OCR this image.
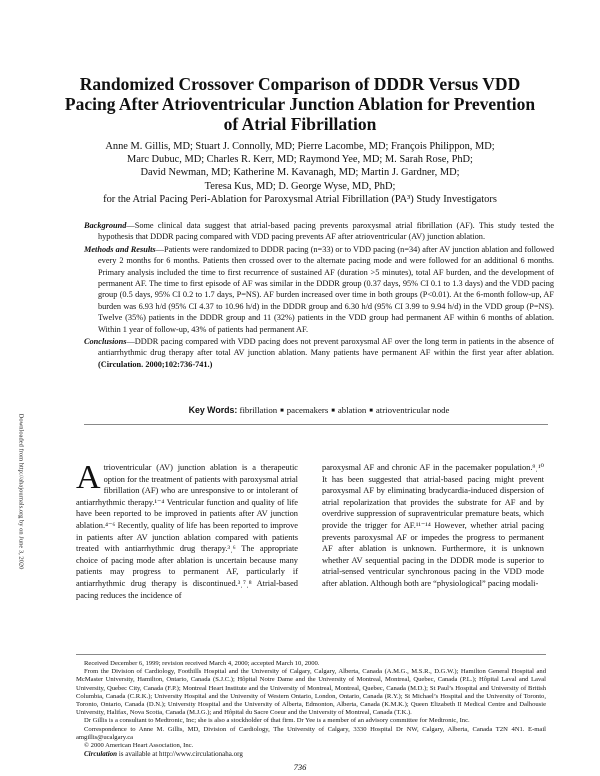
Randomized Crossover Comparison of DDDR Versus VDD Pacing After Atrioventricular Junction Ablation for Prevention of Atrial Fibrillation
Anne M. Gillis, MD; Stuart J. Connolly, MD; Pierre Lacombe, MD; François Philippon, MD;
Marc Dubuc, MD; Charles R. Kerr, MD; Raymond Yee, MD; M. Sarah Rose, PhD;
David Newman, MD; Katherine M. Kavanagh, MD; Martin J. Gardner, MD;
Teresa Kus, MD; D. George Wyse, MD, PhD;
for the Atrial Pacing Peri-Ablation for Paroxysmal Atrial Fibrillation (PA³) Study Investigators

Background—Some clinical data suggest that atrial-based pacing prevents paroxysmal atrial fibrillation (AF). This study tested the hypothesis that DDDR pacing compared with VDD pacing prevents AF after atrioventricular (AV) junction ablation.

Methods and Results—Patients were randomized to DDDR pacing (n=33) or to VDD pacing (n=34) after AV junction ablation and followed every 2 months for 6 months. Patients then crossed over to the alternate pacing mode and were followed for an additional 6 months. Primary analysis included the time to first recurrence of sustained AF (duration >5 minutes), total AF burden, and the development of permanent AF. The time to first episode of AF was similar in the DDDR group (0.37 days, 95% CI 0.1 to 1.3 days) and the VDD pacing group (0.5 days, 95% CI 0.2 to 1.7 days, P=NS). AF burden increased over time in both groups (P<0.01). At the 6-month follow-up, AF burden was 6.93 h/d (95% CI 4.37 to 10.96 h/d) in the DDDR group and 6.30 h/d (95% CI 3.99 to 9.94 h/d) in the VDD group (P=NS). Twelve (35%) patients in the DDDR group and 11 (32%) patients in the VDD group had permanent AF within 6 months of ablation. Within 1 year of follow-up, 43% of patients had permanent AF.

Conclusions—DDDR pacing compared with VDD pacing does not prevent paroxysmal AF over the long term in patients in the absence of antiarrhythmic drug therapy after total AV junction ablation. Many patients have permanent AF within the first year after ablation. (Circulation. 2000;102:736-741.)

Key Words: fibrillation ■ pacemakers ■ ablation ■ atrioventricular node
Downloaded from http://ahajournals.org by on June 3, 2020 Atrioventricular (AV) junction ablation is a therapeutic option for the treatment of patients with paroxysmal atrial fibrillation (AF) who are unresponsive to or intolerant of antiarrhythmic therapy.¹⁻⁴ Ventricular function and quality of life have been reported to be improved in patients after AV junction ablation.⁴⁻⁶ Recently, quality of life has been reported to improve in patients after AV junction ablation compared with patients treated with antiarrhythmic drug therapy.³ˌ⁶ The appropriate choice of pacing mode after ablation is uncertain because many patients may progress to permanent AF, particularly if antiarrhythmic drug therapy is discontinued.³ˌ⁷ˌ⁸ Atrial-based pacing reduces the incidence of

paroxysmal AF and chronic AF in the pacemaker population.⁹ˌ¹⁰ It has been suggested that atrial-based pacing might prevent paroxysmal AF by eliminating bradycardia-induced dispersion of atrial repolarization that provides the substrate for AF and by overdrive suppression of supraventricular premature beats, which provide the trigger for AF.¹¹⁻¹⁴ However, whether atrial pacing prevents paroxysmal AF or impedes the progress to permanent AF after ablation is unknown. Furthermore, it is unknown whether AV sequential pacing in the DDDR mode is superior to atrial-sensed ventricular synchronous pacing in the VDD mode after ablation. Although both are “physiological” pacing modali-

Received December 6, 1999; revision received March 4, 2000; accepted March 10, 2000.

From the Division of Cardiology, Foothills Hospital and the University of Calgary, Calgary, Alberta, Canada (A.M.G., M.S.R., D.G.W.); Hamilton General Hospital and McMaster University, Hamilton, Ontario, Canada (S.J.C.); Hôpital Notre Dame and the University of Montreal, Montreal, Quebec, Canada (P.L.); Hôpital Laval and Laval University, Quebec City, Canada (F.P.); Montreal Heart Institute and the University of Montreal, Montreal, Quebec, Canada (M.D.); St Paul’s Hospital and University of British Columbia, Canada (C.R.K.); University Hospital and the University of Western Ontario, London, Ontario, Canada (R.Y.); St Michael’s Hospital and the University of Toronto, Toronto, Ontario, Canada (D.N.); University Hospital and the University of Alberta, Edmonton, Alberta, Canada (K.M.K.); Queen Elizabeth II Medical Centre and Dalhousie University, Halifax, Nova Scotia, Canada (M.J.G.); and Hôpital du Sacre Coeur and the University of Montreal, Canada (T.K.).

Dr Gillis is a consultant to Medtronic, Inc; she is also a stockholder of that firm. Dr Yee is a member of an advisory committee for Medtronic, Inc.

Correspondence to Anne M. Gillis, MD, Division of Cardiology, The University of Calgary, 3330 Hospital Dr NW, Calgary, Alberta, Canada T2N 4N1. E-mail amgillis@ucalgary.ca

© 2000 American Heart Association, Inc.

Circulation is available at http://www.circulationaha.org

736
